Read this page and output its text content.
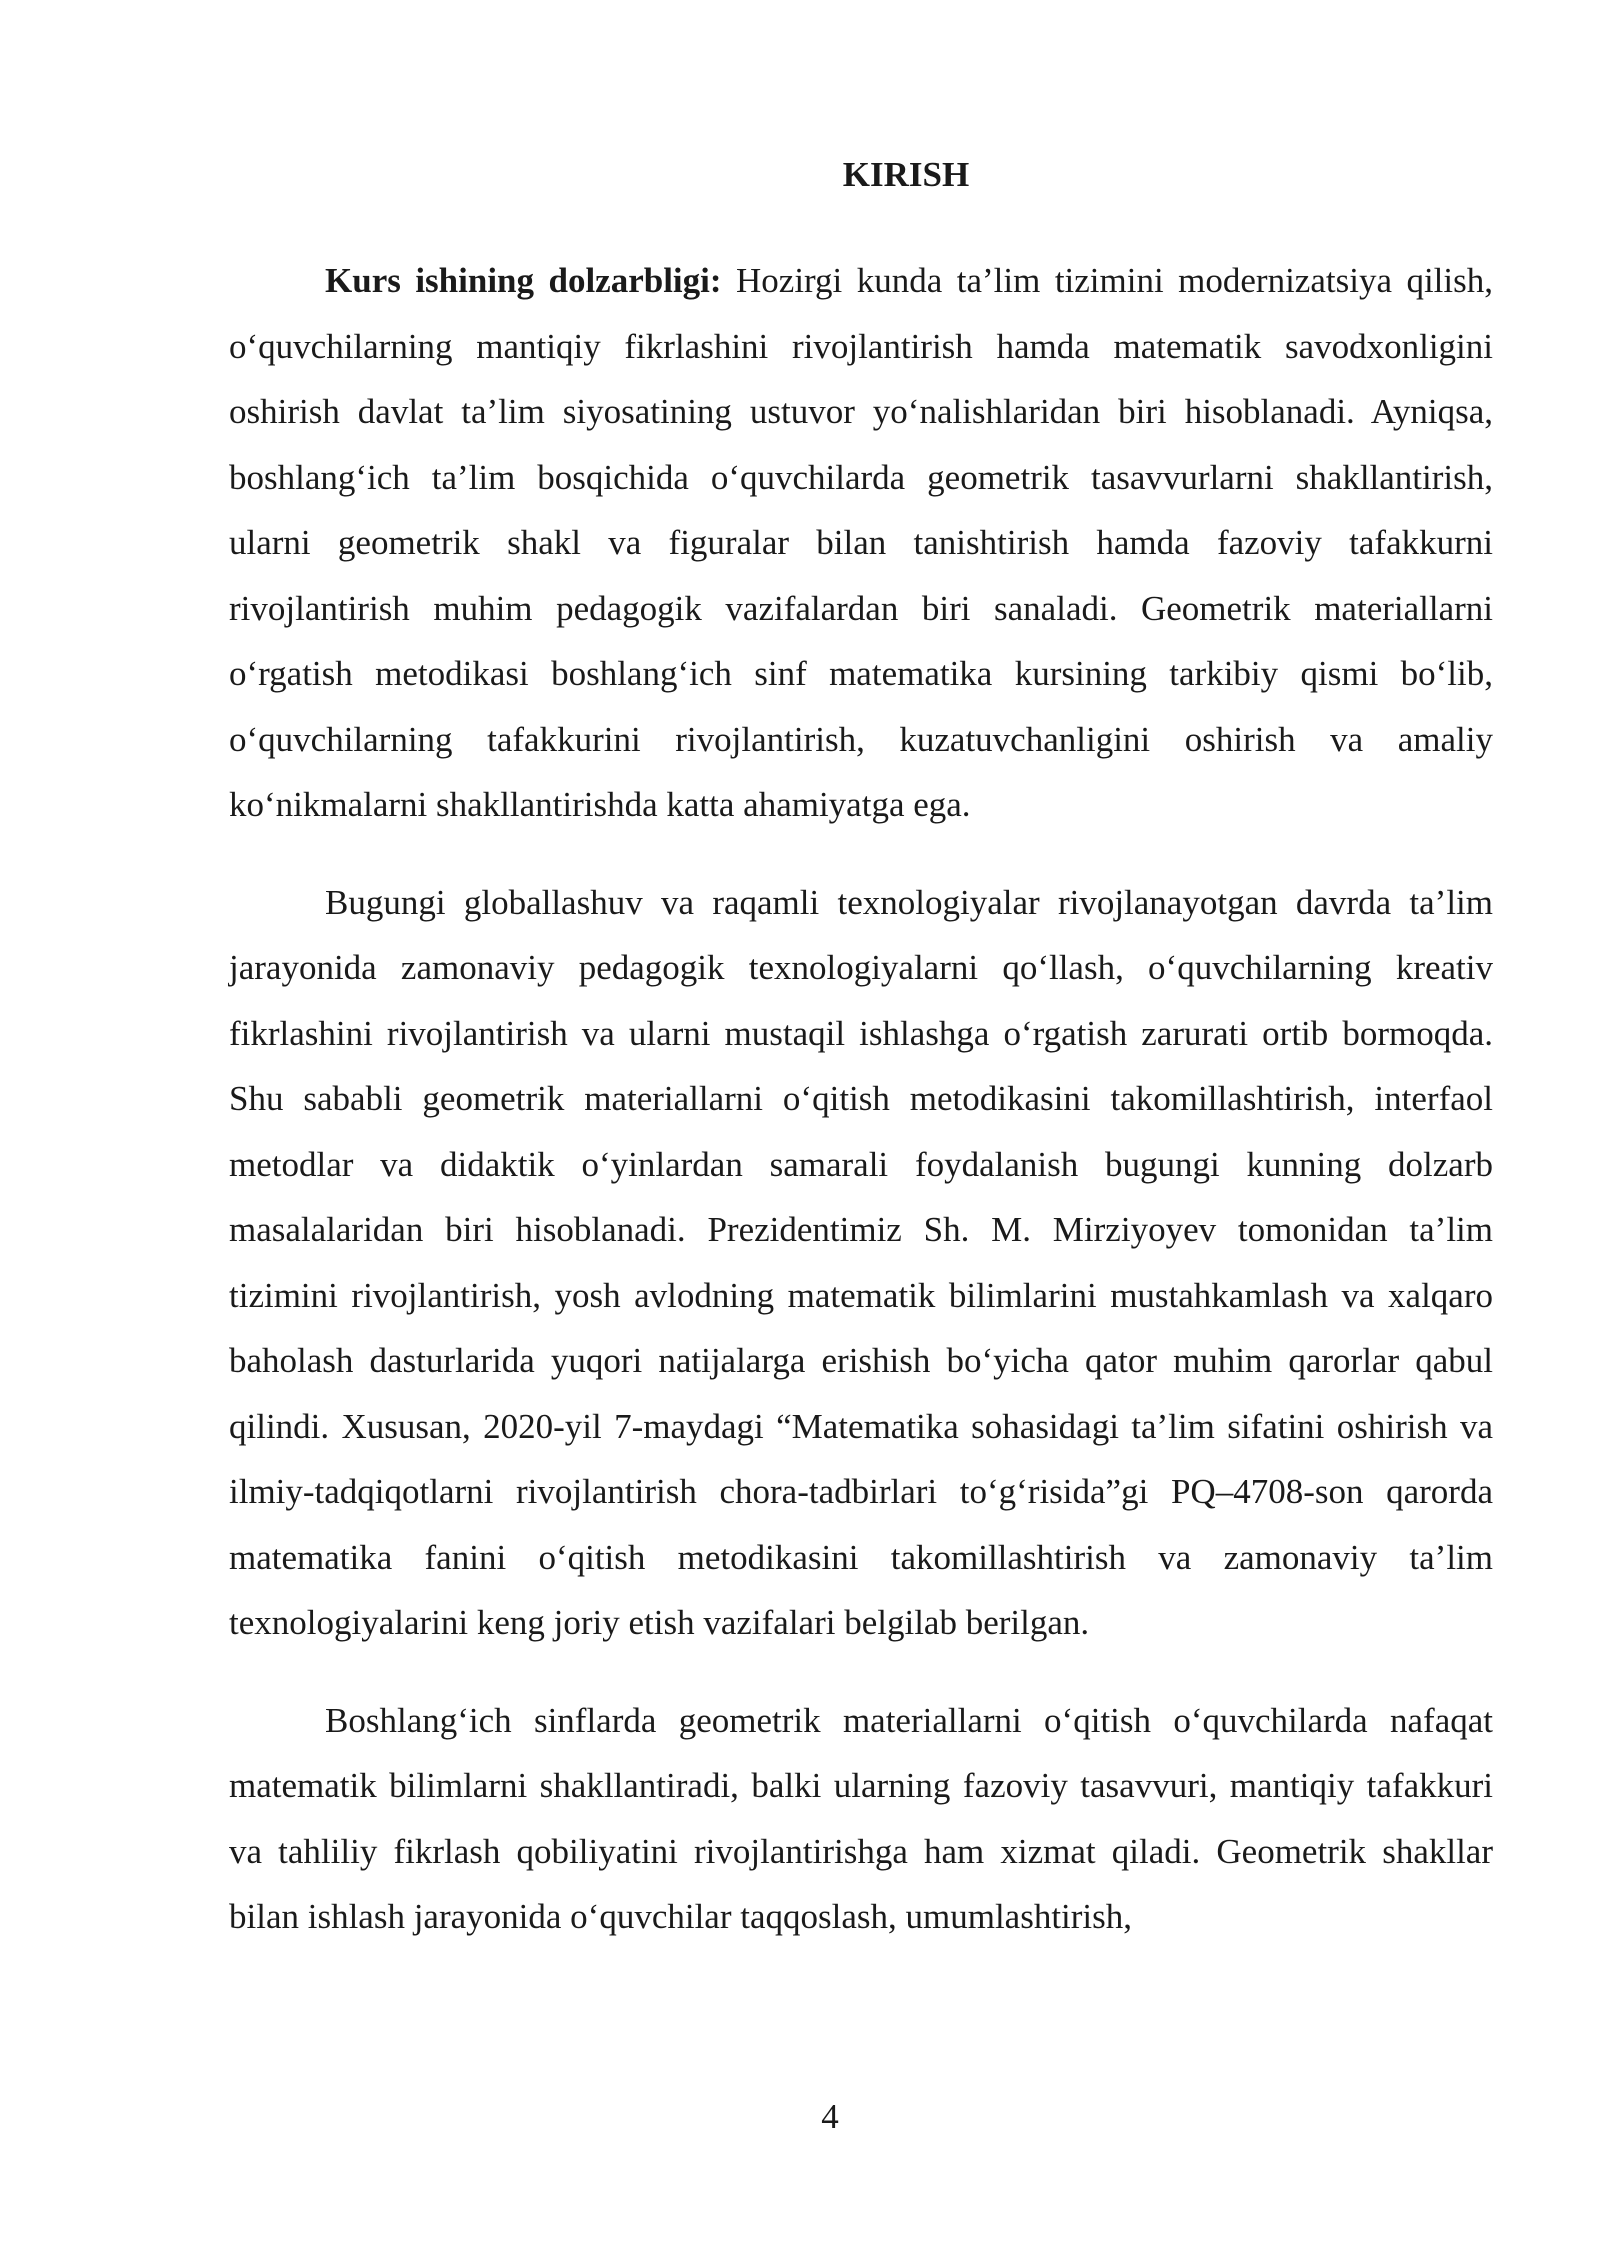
KIRISH

Kurs ishining dolzarbligi: Hozirgi kunda ta’lim tizimini modernizatsiya qilish, o‘quvchilarning mantiqiy fikrlashini rivojlantirish hamda matematik savodxonligini oshirish davlat ta’lim siyosatining ustuvor yo‘nalishlaridan biri hisoblanadi. Ayniqsa, boshlang‘ich ta’lim bosqichida o‘quvchilarda geometrik tasavvurlarni shakllantirish, ularni geometrik shakl va figuralar bilan tanishtirish hamda fazoviy tafakkurni rivojlantirish muhim pedagogik vazifalardan biri sanaladi. Geometrik materiallarni o‘rgatish metodikasi boshlang‘ich sinf matematika kursining tarkibiy qismi bo‘lib, o‘quvchilarning tafakkurini rivojlantirish, kuzatuvchanligini oshirish va amaliy ko‘nikmalarni shakllantirishda katta ahamiyatga ega.

Bugungi globallashuv va raqamli texnologiyalar rivojlanayotgan davrda ta’lim jarayonida zamonaviy pedagogik texnologiyalarni qo‘llash, o‘quvchilarning kreativ fikrlashini rivojlantirish va ularni mustaqil ishlashga o‘rgatish zarurati ortib bormoqda. Shu sababli geometrik materiallarni o‘qitish metodikasini takomillashtirish, interfaol metodlar va didaktik o‘yinlardan samarali foydalanish bugungi kunning dolzarb masalalaridan biri hisoblanadi. Prezidentimiz Sh. M. Mirziyoyev tomonidan ta’lim tizimini rivojlantirish, yosh avlodning matematik bilimlarini mustahkamlash va xalqaro baholash dasturlarida yuqori natijalarga erishish bo‘yicha qator muhim qarorlar qabul qilindi. Xususan, 2020-yil 7-maydagi “Matematika sohasidagi ta’lim sifatini oshirish va ilmiy-tadqiqotlarni rivojlantirish chora-tadbirlari to‘g‘risida”gi PQ–4708-son qarorda matematika fanini o‘qitish metodikasini takomillashtirish va zamonaviy ta’lim texnologiyalarini keng joriy etish vazifalari belgilab berilgan.

Boshlang‘ich sinflarda geometrik materiallarni o‘qitish o‘quvchilarda nafaqat matematik bilimlarni shakllantiradi, balki ularning fazoviy tasavvuri, mantiqiy tafakkuri va tahliliy fikrlash qobiliyatini rivojlantirishga ham xizmat qiladi. Geometrik shakllar bilan ishlash jarayonida o‘quvchilar taqqoslash, umumlashtirish,

4
